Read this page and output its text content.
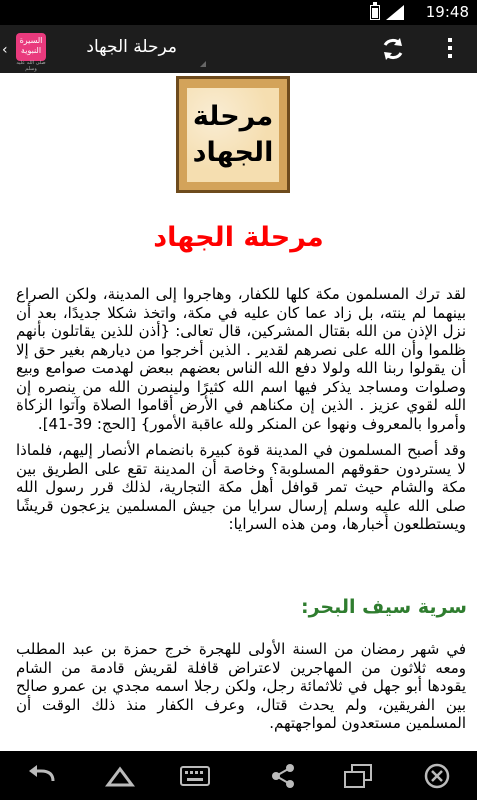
19:48
‹
السيرة النبوية
صلى الله عليه وسلم
مرحلة الجهاد
مرحلة
الجهاد
مرحلة الجهاد
لقد ترك المسلمون مكة كلها للكفار، وهاجروا إلى المدينة، ولكن الصراع بينهما لم ينته، بل زاد عما كان عليه في مكة، واتخذ شكلا جديدًا، بعد أن نزل الإذن من الله بقتال المشركين، قال تعالى: {أذن للذين يقاتلون بأنهم ظلموا وأن الله على نصرهم لقدير . الذين أخرجوا من ديارهم بغير حق إلا أن يقولوا ربنا الله ولولا دفع الله الناس بعضهم ببعض لهدمت صوامع وبيع وصلوات ومساجد يذكر فيها اسم الله كثيرًا ولينصرن الله من ينصره إن الله لقوي عزيز . الذين إن مكناهم في الأرض أقاموا الصلاة وآتوا الزكاة وأمروا بالمعروف ونهوا عن المنكر ولله عاقبة الأمور} [الحج: 39-41].
وقد أصبح المسلمون في المدينة قوة كبيرة بانضمام الأنصار إليهم، فلماذا لا يستردون حقوقهم المسلوبة؟ وخاصة أن المدينة تقع على الطريق بين مكة والشام حيث تمر قوافل أهل مكة التجارية، لذلك قرر رسول الله صلى الله عليه وسلم إرسال سرايا من جيش المسلمين يزعجون قريشًا ويستطلعون أخبارها، ومن هذه السرايا:
سرية سيف البحر:
في شهر رمضان من السنة الأولى للهجرة خرج حمزة بن عبد المطلب ومعه ثلاثون من المهاجرين لاعتراض قافلة لقريش قادمة من الشام يقودها أبو جهل في ثلاثمائة رجل، ولكن رجلا اسمه مجدي بن عمرو صالح بين الفريقين، ولم يحدث قتال، وعرف الكفار منذ ذلك الوقت أن المسلمين مستعدون لمواجهتهم.
